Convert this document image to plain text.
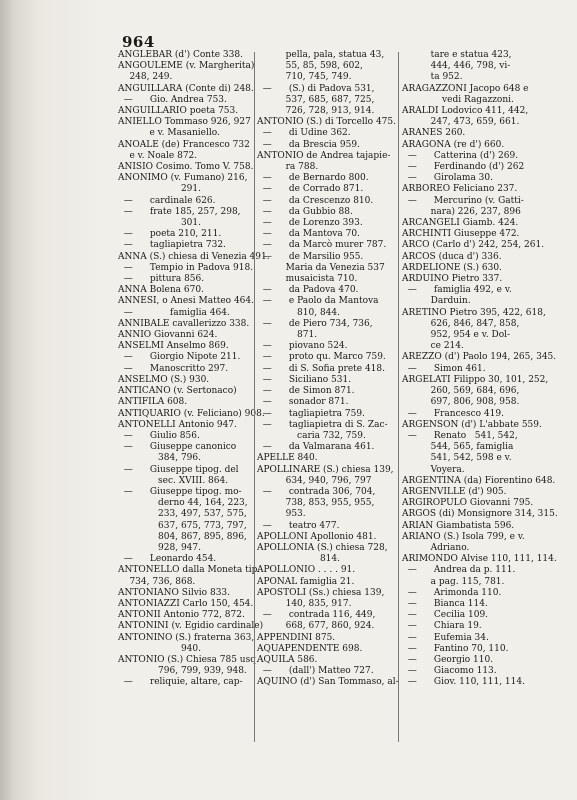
964
ANGLEBAR (d') Conte 338.
ANGOULEME (v. Margherita)
248, 249.
ANGUILLARA (Conte di) 248.
—      Gio. Andrea 753.
ANGUILLARIO poeta 753.
ANIELLO Tommaso 926, 927
e v. Masaniello.
ANOALE (de) Francesco 732
e v. Noale 872.
ANISIO Cosimo. Tomo V. 758.
ANONIMO (v. Fumano) 216,
291.
—      cardinale 626.
—      frate 185, 257, 298,
301.
—      poeta 210, 211.
—      tagliapietra 732.
ANNA (S.) chiesa di Venezia 491.
—      Tempio in Padova 918.
—      pittura 856.
ANNA Bolena 670.
ANNESI, o Anesi Matteo 464.
—             famiglia 464.
ANNIBALE cavallerizzo 338.
ANNIO Giovanni 624.
ANSELMI Anselmo 869.
—      Giorgio Nipote 211.
—      Manoscritto 297.
ANSELMO (S.) 930.
ANTICANO (v. Sertonaco)
ANTIFILA 608.
ANTIQUARIO (v. Feliciano) 908.
ANTONELLI Antonio 947.
—      Giulio 856.
—      Giuseppe canonico
384, 796.
—      Giuseppe tipog. del
sec. XVIII. 864.
—      Giuseppe tipog. mo-
derno 44, 164, 223,
233, 497, 537, 575,
637, 675, 773, 797,
804, 867, 895, 896,
928, 947.
—      Leonardo 454.
ANTONELLO dalla Moneta tip.
734, 736, 868.
ANTONIANO Silvio 833.
ANTONIAZZI Carlo 150, 454.
ANTONII Antonio 772, 872.
ANTONINI (v. Egidio cardinale)
ANTONINO (S.) fraterna 363,
940.
ANTONIO (S.) Chiesa 785 usq.
796, 799, 939, 948.
—      reliquie, altare, cap-
pella, pala, statua 43,
55, 85, 598, 602,
710, 745, 749.
—      (S.) di Padova 531,
537, 685, 687, 725,
726, 728, 913, 914.
ANTONIO (S.) di Torcello 475.
—      di Udine 362.
—      da Brescia 959.
ANTONIO de Andrea tajapie-
ra 788.
—      de Bernardo 800.
—      de Corrado 871.
—      da Crescenzo 810.
—      da Gubbio 88.
—      de Lorenzo 393.
—      da Mantova 70.
—      da Marcò murer 787.
—      de Marsilio 955.
Maria da Venezia 537
musaicista 710.
—      da Padova 470.
—      e Paolo da Mantova
810, 844.
—      de Piero 734, 736,
871.
—      piovano 524.
—      proto qu. Marco 759.
—      di S. Sofia prete 418.
—      Siciliano 531.
—      de Simon 871.
—      sonador 871.
—      tagliapietra 759.
—      tagliapietra di S. Zac-
caria 732, 759.
—      da Valmarana 461.
APELLE 840.
APOLLINARE (S.) chiesa 139,
634, 940, 796, 797
—      contrada 306, 704,
738, 853, 955, 955,
953.
—      teatro 477.
APOLLONI Apollonio 481.
APOLLONIA (S.) chiesa 728,
814.
APOLLONIO . . . . 91.
APONAL famiglia 21.
APOSTOLI (Ss.) chiesa 139,
140, 835, 917.
—      contrada 116, 449,
668, 677, 860, 924.
APPENDINI 875.
AQUAPENDENTE 698.
AQUILA 586.
—      (dall') Matteo 727.
AQUINO (d') San Tommaso, al-
tare e statua 423,
444, 446, 798, vi-
ta 952.
ARAGAZZONI Jacopo 648 e
vedi Ragazzoni.
ARALDI Lodovico 411, 442,
247, 473, 659, 661.
ARANES 260.
ARAGONA (re d') 660.
—      Catterina (d') 269.
—      Ferdinando (d') 262
—      Girolama 30.
ARBOREO Feliciano 237.
—      Mercurino (v. Gatti-
nara) 226, 237, 896
ARCANGELI Giamb. 424.
ARCHINTI Giuseppe 472.
ARCO (Carlo d') 242, 254, 261.
ARCOS (duca d') 336.
ARDELIONE (S.) 630.
ARDUINO Pietro 337.
—      famiglia 492, e v.
Darduin.
ARETINO Pietro 395, 422, 618,
626, 846, 847, 858,
952, 954 e v. Dol-
ce 214.
AREZZO (d') Paolo 194, 265, 345.
—      Simon 461.
ARGELATI Filippo 30, 101, 252,
260, 569, 684, 696,
697, 806, 908, 958.
—      Francesco 419.
ARGENSON (d') L'abbate 559.
—      Renato   541, 542,
544, 565, famiglia
541, 542, 598 e v.
Voyera.
ARGENTINA (da) Fiorentino 648.
ARGENVILLE (d') 905.
ARGIROPULO Giovanni 795.
ARGOS (di) Monsignore 314, 315.
ARIAN Giambatista 596.
ARIANO (S.) Isola 799, e v.
Adriano.
ARIMONDO Alvise 110, 111, 114.
—      Andrea da p. 111.
a pag. 115, 781.
—      Arimonda 110.
—      Bianca 114.
—      Cecilia 109.
—      Chiara 19.
—      Eufemia 34.
—      Fantino 70, 110.
—      Georgio 110.
—      Giacomo 113.
—      Giov. 110, 111, 114.
